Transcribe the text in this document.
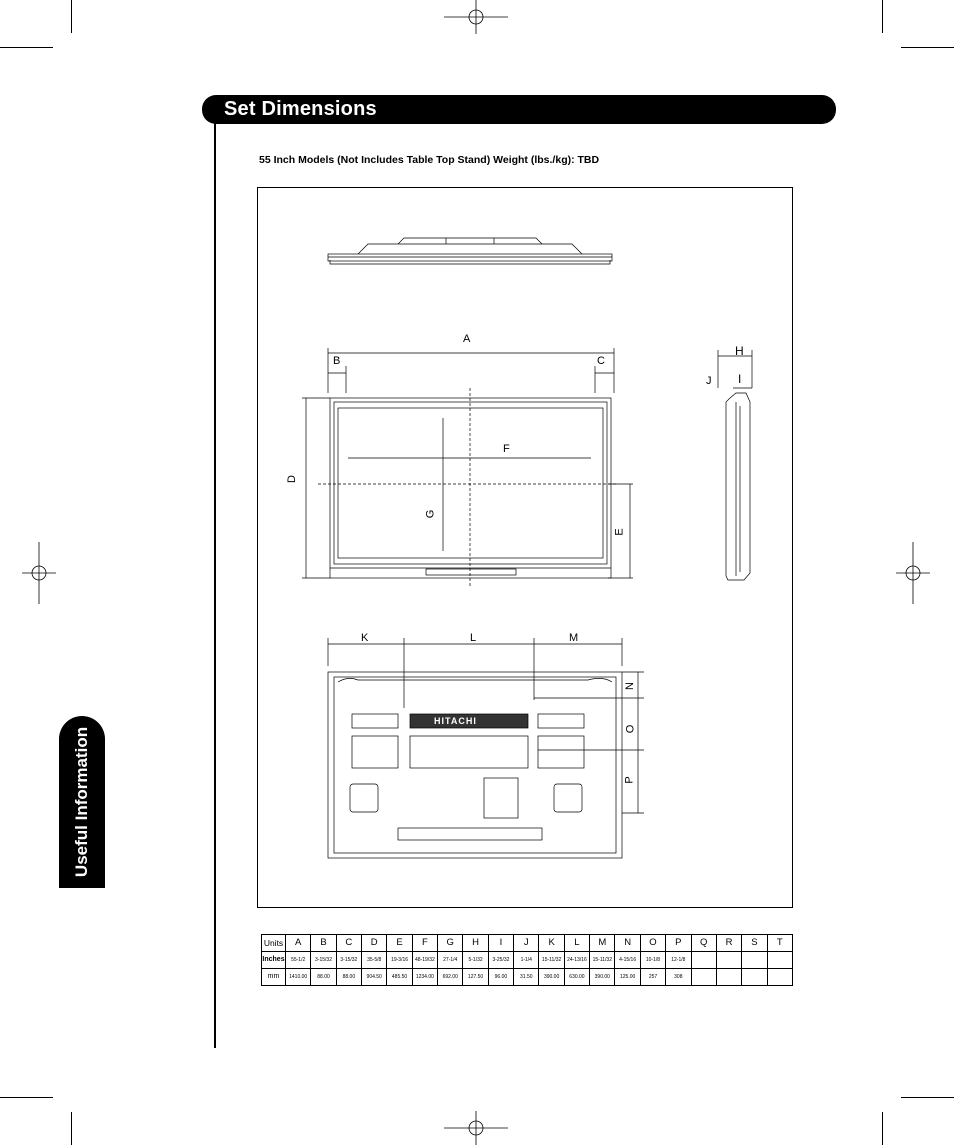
Set Dimensions
Useful Information
55 Inch Models (Not Includes Table Top Stand) Weight (lbs./kg): TBD
A
B	C
D
E
F
G
H
I
J
K	L	M
N
O
P
HITACHI
Units	A	B	C	D	E	F	G	H	I	J	K	L	M	N	O	P	Q	R	S	T
Inches	55-1/2	3-15/32	3-15/32	35-5/8	19-3/16	48-19/32	27-1/4	5-1/32	3-25/32	1-1/4	15-11/32	24-13/16	15-11/32	4-15/16	10-1/8	12-1/8				
mm	1410.00	88.00	88.00	904.50	485.50	1234.00	692.00	127.50	96.00	31.50	390.00	630.00	390.00	125.00	257	308				
